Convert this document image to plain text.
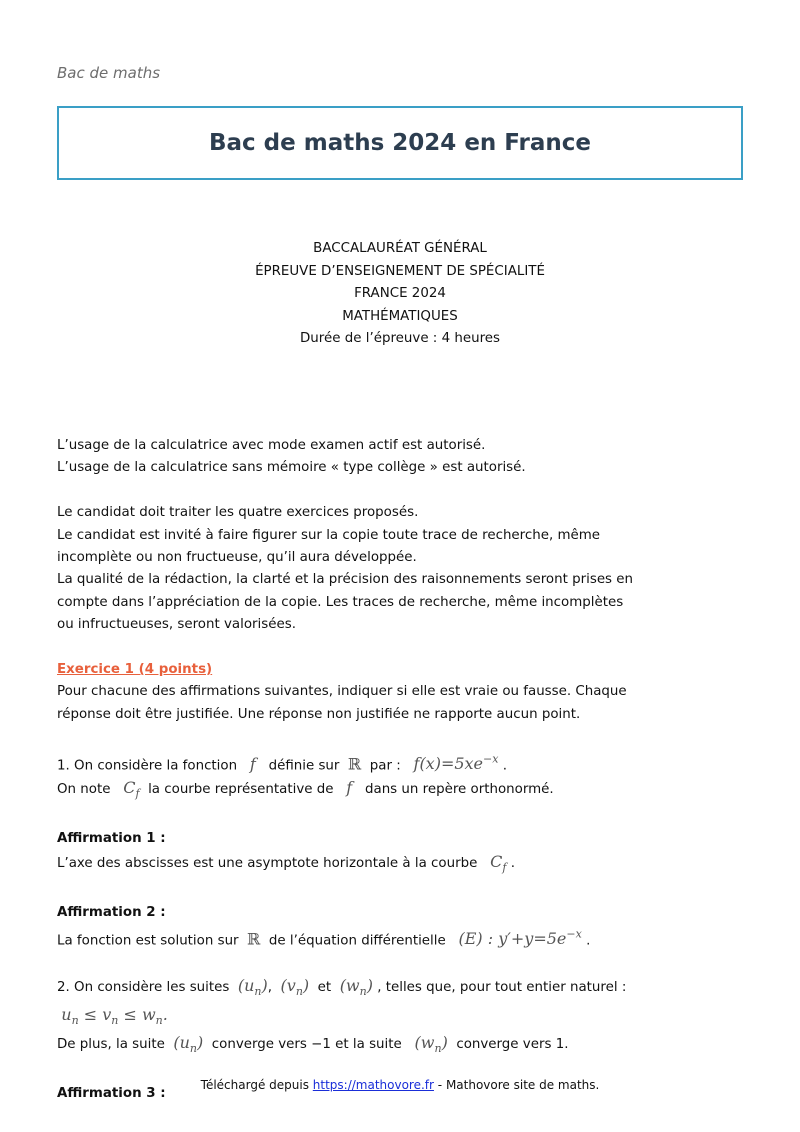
Bac de maths
Bac de maths 2024 en France
BACCALAURÉAT GÉNÉRAL
ÉPREUVE D’ENSEIGNEMENT DE SPÉCIALITÉ
FRANCE 2024
MATHÉMATIQUES
Durée de l’épreuve : 4 heures

L’usage de la calculatrice avec mode examen actif est autorisé.

L’usage de la calculatrice sans mémoire « type collège » est autorisé.

Le candidat doit traiter les quatre exercices proposés.

Le candidat est invité à faire figurer sur la copie toute trace de recherche, même

incomplète ou non fructueuse, qu’il aura développée.

La qualité de la rédaction, la clarté et la précision des raisonnements seront prises en

compte dans l’appréciation de la copie. Les traces de recherche, même incomplètes

ou infructueuses, seront valorisées.

Exercice 1 (4 points)

Pour chacune des affirmations suivantes, indiquer si elle est vraie ou fausse. Chaque

réponse doit être justifiée. Une réponse non justifiée ne rapporte aucun point.

1. On considère la fonction f définie sur ℝ par : $f(x)=5xe^{-x}$ .

On note $C_f$ la courbe représentative de f dans un repère orthonormé.

Affirmation 1 :

L’axe des abscisses est une asymptote horizontale à la courbe $C_f$ .

Affirmation 2 :

La fonction est solution sur ℝ de l’équation différentielle (E) : $y'+y=5e^{-x}$ .

2. On considère les suites $(u_n)$,  $(v_n)$ et $(w_n)$ , telles que, pour tout entier naturel :

$u_n \le v_n \le w_n$.

De plus, la suite $(u_n)$ converge vers −1 et la suite $(w_n)$ converge vers 1.

Affirmation 3 :

Téléchargé depuis https://mathovore.fr - Mathovore site de maths.
